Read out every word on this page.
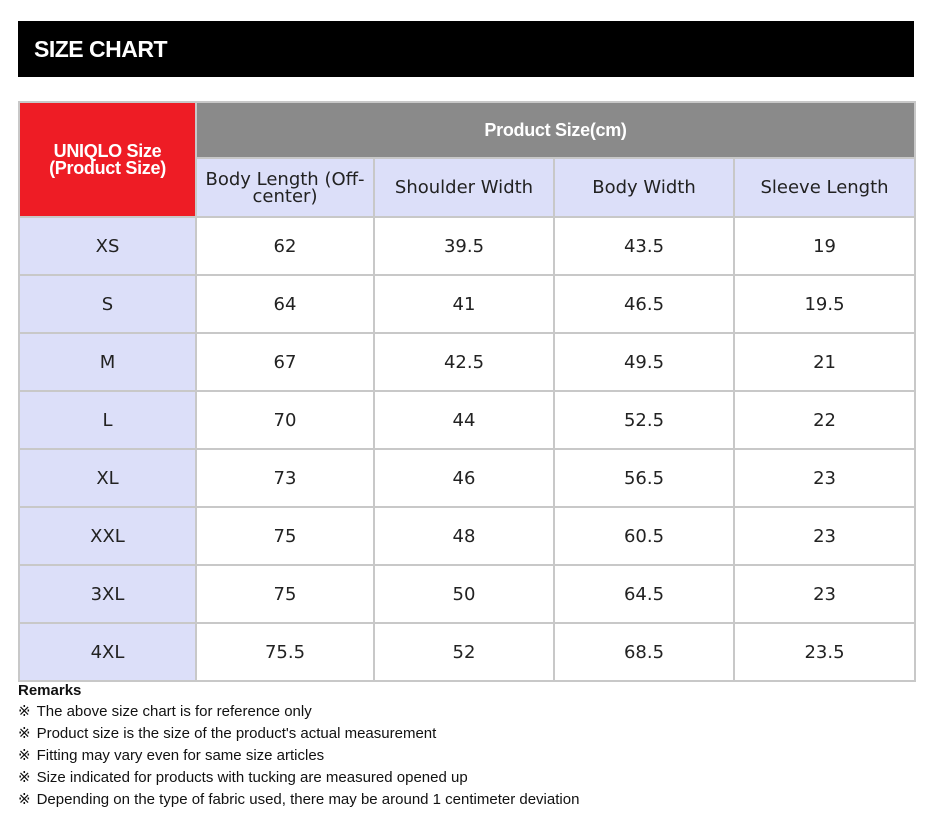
SIZE CHART
UNIQLO Size (Product Size)	Product Size(cm)			
	Body Length (Off-center)	Shoulder Width	Body Width	Sleeve Length
XS	62	39.5	43.5	19
S	64	41	46.5	19.5
M	67	42.5	49.5	21
L	70	44	52.5	22
XL	73	46	56.5	23
XXL	75	48	60.5	23
3XL	75	50	64.5	23
4XL	75.5	52	68.5	23.5
Remarks
※ The above size chart is for reference only
※ Product size is the size of the product's actual measurement
※ Fitting may vary even for same size articles
※ Size indicated for products with tucking are measured opened up
※ Depending on the type of fabric used, there may be around 1 centimeter deviation
